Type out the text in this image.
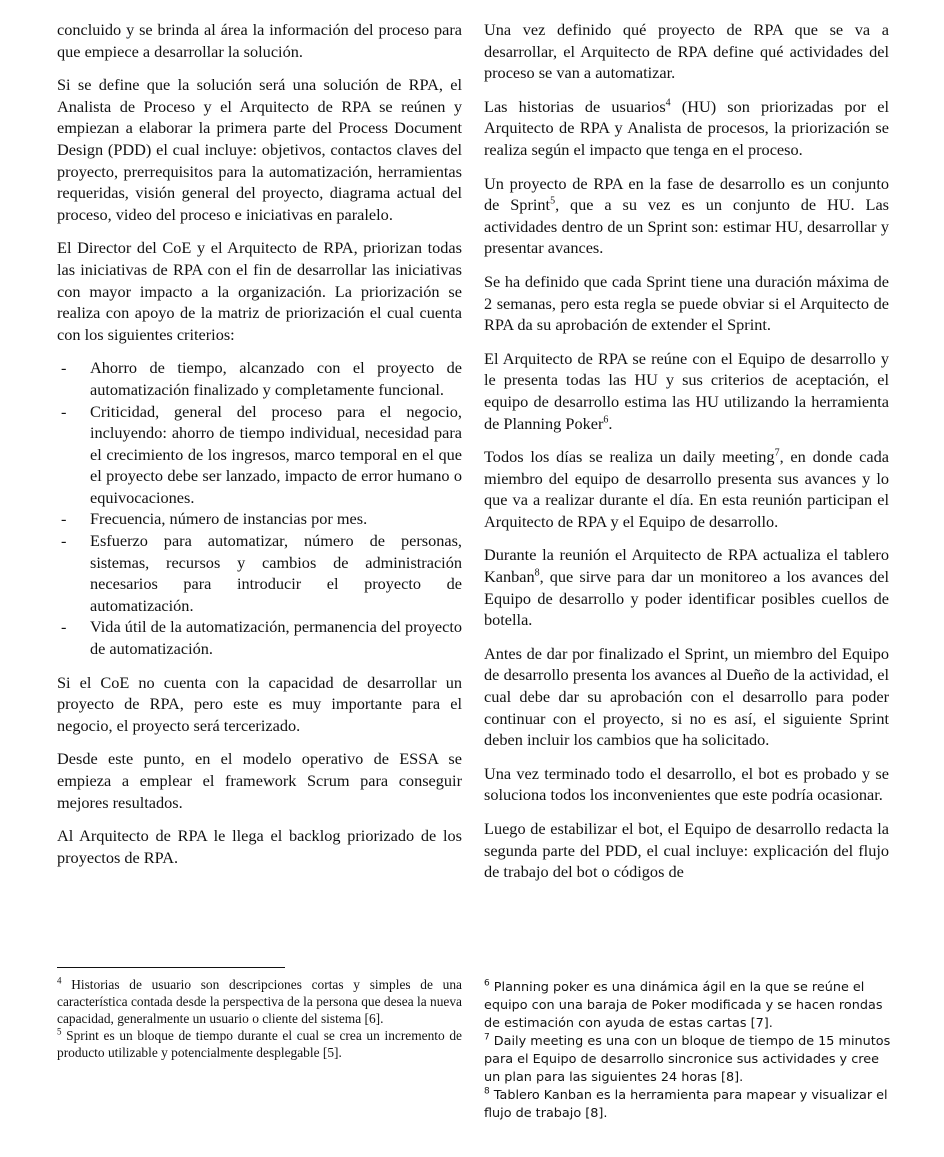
concluido y se brinda al área la información del proceso para que empiece a desarrollar la solución.

Si se define que la solución será una solución de RPA, el Analista de Proceso y el Arquitecto de RPA se reúnen y empiezan a elaborar la primera parte del Process Document Design (PDD) el cual incluye: objetivos, contactos claves del proyecto, prerrequisitos para la automatización, herramientas requeridas, visión general del proyecto, diagrama actual del proceso, video del proceso e iniciativas en paralelo.

El Director del CoE y el Arquitecto de RPA, priorizan todas las iniciativas de RPA con el fin de desarrollar las iniciativas con mayor impacto a la organización. La priorización se realiza con apoyo de la matriz de priorización el cual cuenta con los siguientes criterios:

- Ahorro de tiempo, alcanzado con el proyecto de automatización finalizado y completamente funcional.
- Criticidad, general del proceso para el negocio, incluyendo: ahorro de tiempo individual, necesidad para el crecimiento de los ingresos, marco temporal en el que el proyecto debe ser lanzado, impacto de error humano o equivocaciones.
- Frecuencia, número de instancias por mes.
- Esfuerzo para automatizar, número de personas, sistemas, recursos y cambios de administración necesarios para introducir el proyecto de automatización.
- Vida útil de la automatización, permanencia del proyecto de automatización.

Si el CoE no cuenta con la capacidad de desarrollar un proyecto de RPA, pero este es muy importante para el negocio, el proyecto será tercerizado.

Desde este punto, en el modelo operativo de ESSA se empieza a emplear el framework Scrum para conseguir mejores resultados.

Al Arquitecto de RPA le llega el backlog priorizado de los proyectos de RPA.

Una vez definido qué proyecto de RPA que se va a desarrollar, el Arquitecto de RPA define qué actividades del proceso se van a automatizar.

Las historias de usuarios$^4$ (HU) son priorizadas por el Arquitecto de RPA y Analista de procesos, la priorización se realiza según el impacto que tenga en el proceso.

Un proyecto de RPA en la fase de desarrollo es un conjunto de Sprint$^5$, que a su vez es un conjunto de HU. Las actividades dentro de un Sprint son: estimar HU, desarrollar y presentar avances.

Se ha definido que cada Sprint tiene una duración máxima de 2 semanas, pero esta regla se puede obviar si el Arquitecto de RPA da su aprobación de extender el Sprint.

El Arquitecto de RPA se reúne con el Equipo de desarrollo y le presenta todas las HU y sus criterios de aceptación, el equipo de desarrollo estima las HU utilizando la herramienta de Planning Poker$^6$.

Todos los días se realiza un daily meeting$^7$, en donde cada miembro del equipo de desarrollo presenta sus avances y lo que va a realizar durante el día. En esta reunión participan el Arquitecto de RPA y el Equipo de desarrollo.

Durante la reunión el Arquitecto de RPA actualiza el tablero Kanban$^8$, que sirve para dar un monitoreo a los avances del Equipo de desarrollo y poder identificar posibles cuellos de botella.

Antes de dar por finalizado el Sprint, un miembro del Equipo de desarrollo presenta los avances al Dueño de la actividad, el cual debe dar su aprobación con el desarrollo para poder continuar con el proyecto, si no es así, el siguiente Sprint deben incluir los cambios que ha solicitado.

Una vez terminado todo el desarrollo, el bot es probado y se soluciona todos los inconvenientes que este podría ocasionar.

Luego de estabilizar el bot, el Equipo de desarrollo redacta la segunda parte del PDD, el cual incluye: explicación del flujo de trabajo del bot o códigos de

$^4$ Historias de usuario son descripciones cortas y simples de una característica contada desde la perspectiva de la persona que desea la nueva capacidad, generalmente un usuario o cliente del sistema [6].

$^5$ Sprint es un bloque de tiempo durante el cual se crea un incremento de producto utilizable y potencialmente desplegable [5].

$^6$ Planning poker es una dinámica ágil en la que se reúne el equipo con una baraja de Poker modificada y se hacen rondas de estimación con ayuda de estas cartas [7].

$^7$ Daily meeting es una con un bloque de tiempo de 15 minutos para el Equipo de desarrollo sincronice sus actividades y cree un plan para las siguientes 24 horas [8].

$^8$ Tablero Kanban es la herramienta para mapear y visualizar el flujo de trabajo [8].
